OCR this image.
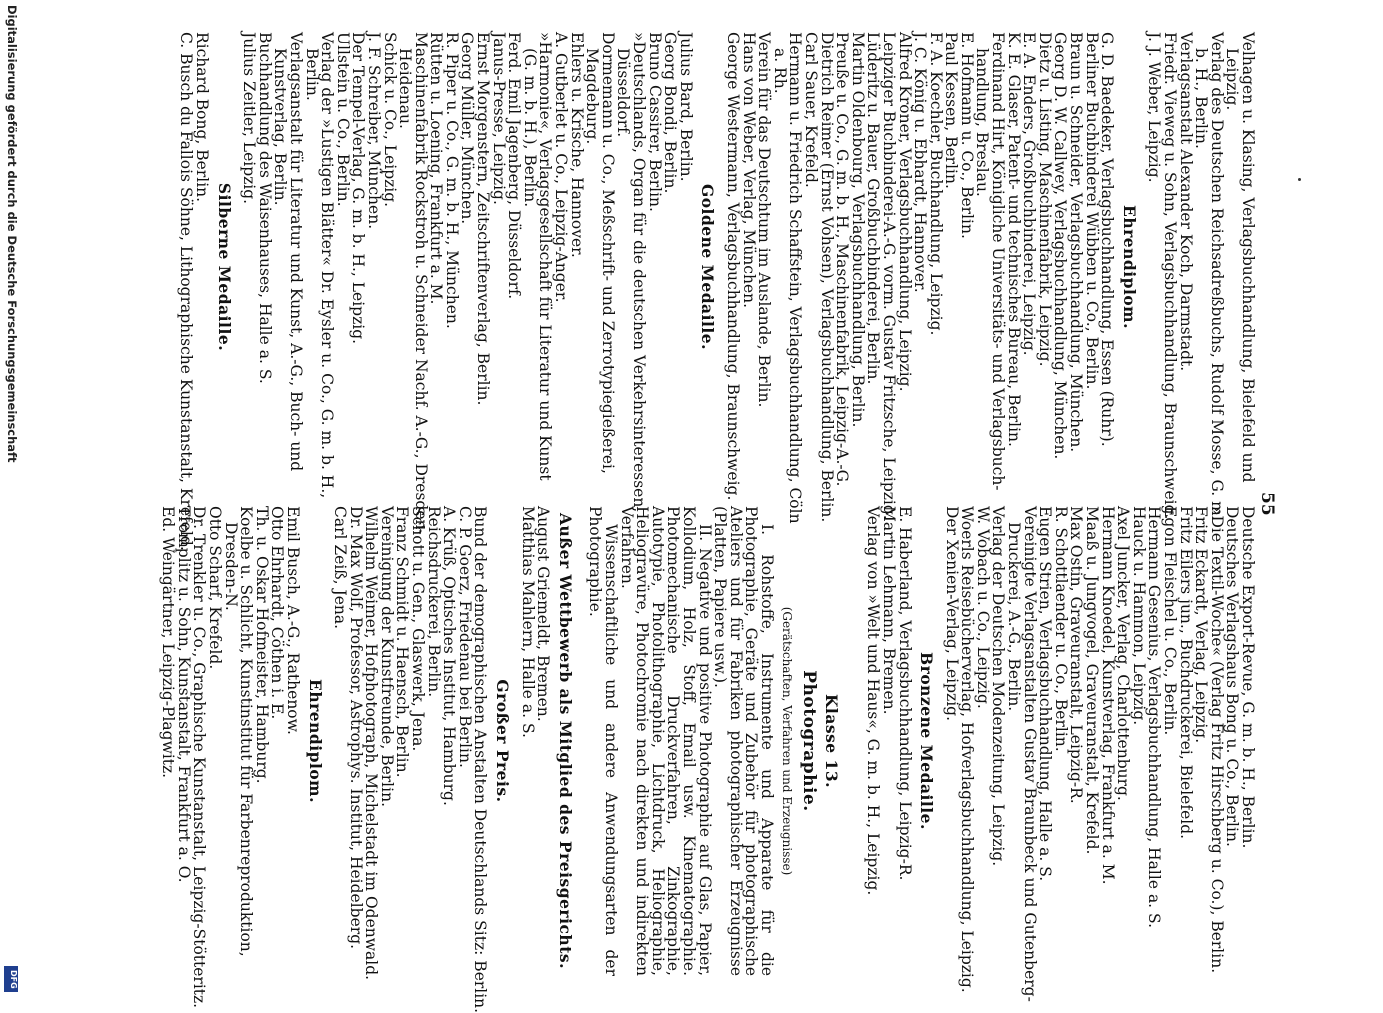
55
Velhagen u. Klasing, Verlagsbuchhandlung, Bielefeld und
Leipzig.
Verlag des Deutschen Reichsadreßbuchs, Rudolf Mosse, G. m.
b. H., Berlin.
Verlagsanstalt Alexander Koch, Darmstadt.
Friedr. Vieweg u. Sohn, Verlagsbuchhandlung, Braunschweig.
J. J. Weber, Leipzig.
Ehrendiplom.
G. D. Baedeker, Verlagsbuchhandlung, Essen (Ruhr).
Berliner Buchbinderei Wübben u. Co., Berlin.
Braun u. Schneider, Verlagsbuchhandlung, München.
Georg D. W. Callwey, Verlagsbuchhandlung, München.
Dietz u. Listing, Maschinenfabrik, Leipzig.
E. A. Enders, Großbuchbinderei, Leipzig.
K. E. Glaser, Patent- und technisches Bureau, Berlin.
Ferdinand Hirt, Königliche Universitäts- und Verlagsbuch-
handlung, Breslau.
E. Hofmann u. Co., Berlin.
Paul Kessen, Berlin.
F. A. Koechler, Buchhandlung, Leipzig.
J. C. König u. Ebhardt, Hannover.
Alfred Kröner, Verlagsbuchhandlung, Leipzig.
Leipziger Buchbinderei-A.-G. vorm. Gustav Fritzsche, Leipzig.
Lüderitz u. Bauer, Großbuchbinderei, Berlin.
Martin Oldenbourg, Verlagsbuchhandlung, Berlin.
Preuße u. Co., G. m. b. H., Maschinenfabrik, Leipzig-A.-G.
Dietrich Reimer (Ernst Vohsen), Verlagsbuchhandlung, Berlin.
Carl Sauer, Krefeld.
Hermann u. Friedrich Schaffstein, Verlagsbuchhandlung, Cöln
a. Rh.
Verein für das Deutschtum im Auslande, Berlin.
Hans von Weber, Verlag, München.
George Westermann, Verlagsbuchhandlung, Braunschweig.
Goldene Medaille.
Julius Bard, Berlin.
Georg Bondi, Berlin.
Bruno Cassirer, Berlin.
»Deutschlands, Organ für die deutschen Verkehrsinteressen,
Düsseldorf.
Dormemann u. Co., Meßschrift- und Zerrotypiegießerei,
Magdeburg.
Ehlers u. Krische, Hannover.
A. Gutberlet u. Co., Leipzig-Anger.
»Harmonie«, Verlagsgesellschaft für Literatur und Kunst
(G. m. b. H.), Berlin.
Ferd. Emil Jagenberg, Düsseldorf.
Janus-Presse, Leipzig.
Ernst Morgenstern, Zeitschriftenverlag, Berlin.
Georg Müller, München.
R. Piper u. Co., G. m. b. H., München.
Rütten u. Loening, Frankfurt a. M.
Maschinenfabrik Rockstroh u. Schneider Nachf. A.-G., Dresden-
Heidenau.
Schick u. Co., Leipzig.
J. F. Schreiber, München.
Der Tempel-Verlag, G. m. b. H., Leipzig.
Ullstein u. Co., Berlin.
Verlag der »Lustigen Blätter« Dr. Eysler u. Co., G. m. b. H.,
Berlin.
Verlagsanstalt für Literatur und Kunst, A.-G., Buch- und
Kunstverlag, Berlin.
Buchhandlung des Waisenhauses, Halle a. S.
Julius Zeitler, Leipzig.
Silberne Medaille.
Richard Bong, Berlin.
C. Busch du Fallois Söhne, Lithographische Kunstanstalt, Krefeld.
Deutsche Export-Revue, G. m. b. H., Berlin.
Deutsches Verlagshaus Bong u. Co., Berlin.
»Die Textil-Woche« (Verlag Fritz Hirschberg u. Co.), Berlin.
Fritz Eckardt, Verlag, Leipzig.
Fritz Eilers jun., Buchdruckerei, Bielefeld.
Egon Fleischel u. Co., Berlin.
Hermann Gesenius, Verlagsbuchhandlung, Halle a. S.
Hauck u. Hammon, Leipzig.
Axel Juncker, Verlag, Charlottenburg.
Hermann Knoedel, Kunstverlag, Frankfurt a. M.
Maaß u. Jungvogel, Graveuranstalt, Krefeld.
Max Ostin, Graveuranstalt, Leipzig-R.
R. Schottlaender u. Co., Berlin.
Eugen Strien, Verlagsbuchhandlung, Halle a. S.
Vereinigte Verlagsanstalten Gustav Braunbeck und Gutenberg-
Druckerei, A.-G., Berlin.
Verlag der Deutschen Modenzeitung, Leipzig.
W. Vobach u. Co., Leipzig.
Woerls Reisebücherverlag, Hofverlagsbuchhandlung, Leipzig.
Der Xenien-Verlag, Leipzig.
Bronzene Medaille.
E. Haberland, Verlagsbuchhandlung, Leipzig-R.
Martin Lehmann, Bremen.
Verlag von »Welt und Haus«, G. m. b. H., Leipzig.
Klasse 13.
Photographie.
(Gerätschaften, Verfahren und Erzeugnisse)
I. Rohstoffe, Instrumente und Apparate für die Photographie, Geräte und Zubehör für photographische Ateliers und für Fabriken photographischer Erzeugnisse (Platten, Papiere usw.).
II. Negative und positive Photographie auf Glas, Papier, Kollodium, Holz, Stoff, Email usw. Kinematographie. Photomechanische Druckverfahren, Zinkographie, Autotypie, Photolithographie, Lichtdruck, Heliographie, Heliogravüre, Photochromie nach direkten und indirekten Verfahren.
Wissenschaftliche und andere Anwendungsarten der Photographie.
Außer Wettbewerb als Mitglied des Preisgerichts.
August Griemeldt, Bremen.
Matthias Mahlern, Halle a. S.
Großer Preis.
Bund der demographischen Anstalten Deutschlands Sitz: Berlin.
C. P. Goerz, Friedenau bei Berlin.
A. Krüß, Optisches Institut, Hamburg.
Reichsdruckerei, Berlin.
Schott u. Gen., Glaswerk, Jena.
Franz Schmidt u. Haensch, Berlin.
Vereinigung der Kunstfreunde, Berlin.
Wilhelm Weimer, Hofphotograph, Michelstadt im Odenwald.
Dr. Max Wolf, Professor, Astrophys. Institut, Heidelberg.
Carl Zeiß, Jena.
Ehrendiplom.
Emil Busch, A.-G., Rathenow.
Otto Ehrhardt, Cöthen i. E.
Th. u. Oskar Hofmeister, Hamburg.
Koelbe u. Schlicht, Kunstinstitut für Farbenreproduktion,
Dresden-N.
Otto Scharf, Krefeld.
Dr. Trenkler u. Co., Graphische Kunstanstalt, Leipzig-Stötteritz.
Tromplitz u. Sohn, Kunstanstalt, Frankfurt a. O.
Ed. Weingärtner, Leipzig-Plagwitz.
Digitalisierung gefördert durch die Deutsche Forschungsgemeinschaft
DFG
